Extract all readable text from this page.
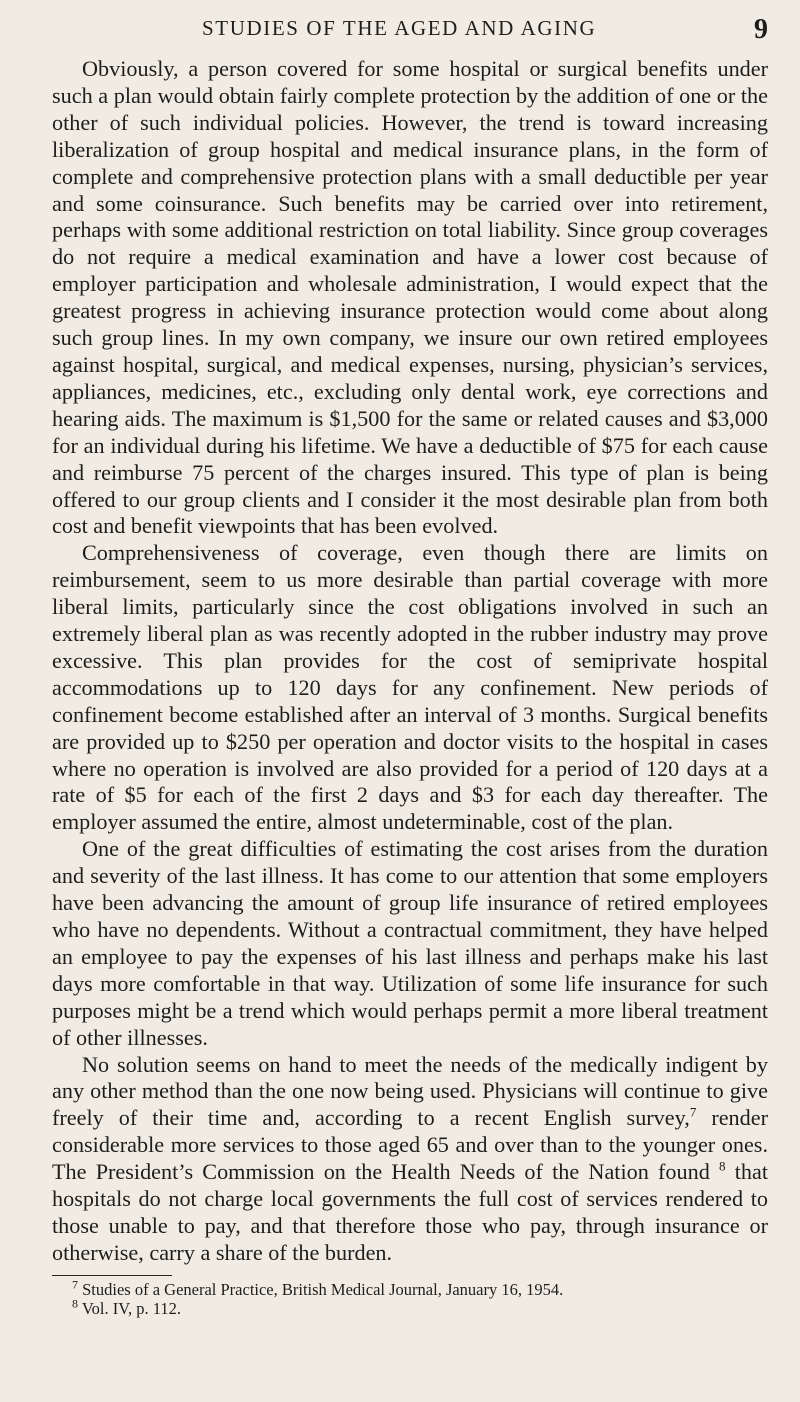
STUDIES OF THE AGED AND AGING	9

Obviously, a person covered for some hospital or surgical benefits under such a plan would obtain fairly complete protection by the addition of one or the other of such individual policies. However, the trend is toward increasing liberalization of group hospital and medical insurance plans, in the form of complete and comprehensive protection plans with a small deductible per year and some coinsurance. Such benefits may be carried over into retirement, perhaps with some additional restriction on total liability. Since group coverages do not require a medical examination and have a lower cost because of employer participation and wholesale administration, I would expect that the greatest progress in achieving insurance protection would come about along such group lines. In my own company, we insure our own retired employees against hospital, surgical, and medical expenses, nursing, physician’s services, appliances, medicines, etc., excluding only dental work, eye corrections and hearing aids. The maximum is $1,500 for the same or related causes and $3,000 for an individual during his lifetime. We have a deductible of $75 for each cause and reimburse 75 percent of the charges insured. This type of plan is being offered to our group clients and I consider it the most desirable plan from both cost and benefit viewpoints that has been evolved.

Comprehensiveness of coverage, even though there are limits on reimbursement, seem to us more desirable than partial coverage with more liberal limits, particularly since the cost obligations involved in such an extremely liberal plan as was recently adopted in the rubber industry may prove excessive. This plan provides for the cost of semiprivate hospital accommodations up to 120 days for any confinement. New periods of confinement become established after an interval of 3 months. Surgical benefits are provided up to $250 per operation and doctor visits to the hospital in cases where no operation is involved are also provided for a period of 120 days at a rate of $5 for each of the first 2 days and $3 for each day thereafter. The employer assumed the entire, almost undeterminable, cost of the plan.

One of the great difficulties of estimating the cost arises from the duration and severity of the last illness. It has come to our attention that some employers have been advancing the amount of group life insurance of retired employees who have no dependents. Without a contractual commitment, they have helped an employee to pay the expenses of his last illness and perhaps make his last days more comfortable in that way. Utilization of some life insurance for such purposes might be a trend which would perhaps permit a more liberal treatment of other illnesses.

No solution seems on hand to meet the needs of the medically indigent by any other method than the one now being used. Physicians will continue to give freely of their time and, according to a recent English survey,$^7$ render considerable more services to those aged 65 and over than to the younger ones. The President’s Commission on the Health Needs of the Nation found $^8$ that hospitals do not charge local governments the full cost of services rendered to those unable to pay, and that therefore those who pay, through insurance or otherwise, carry a share of the burden.

$^7$ Studies of a General Practice, British Medical Journal, January 16, 1954.

$^8$ Vol. IV, p. 112.
